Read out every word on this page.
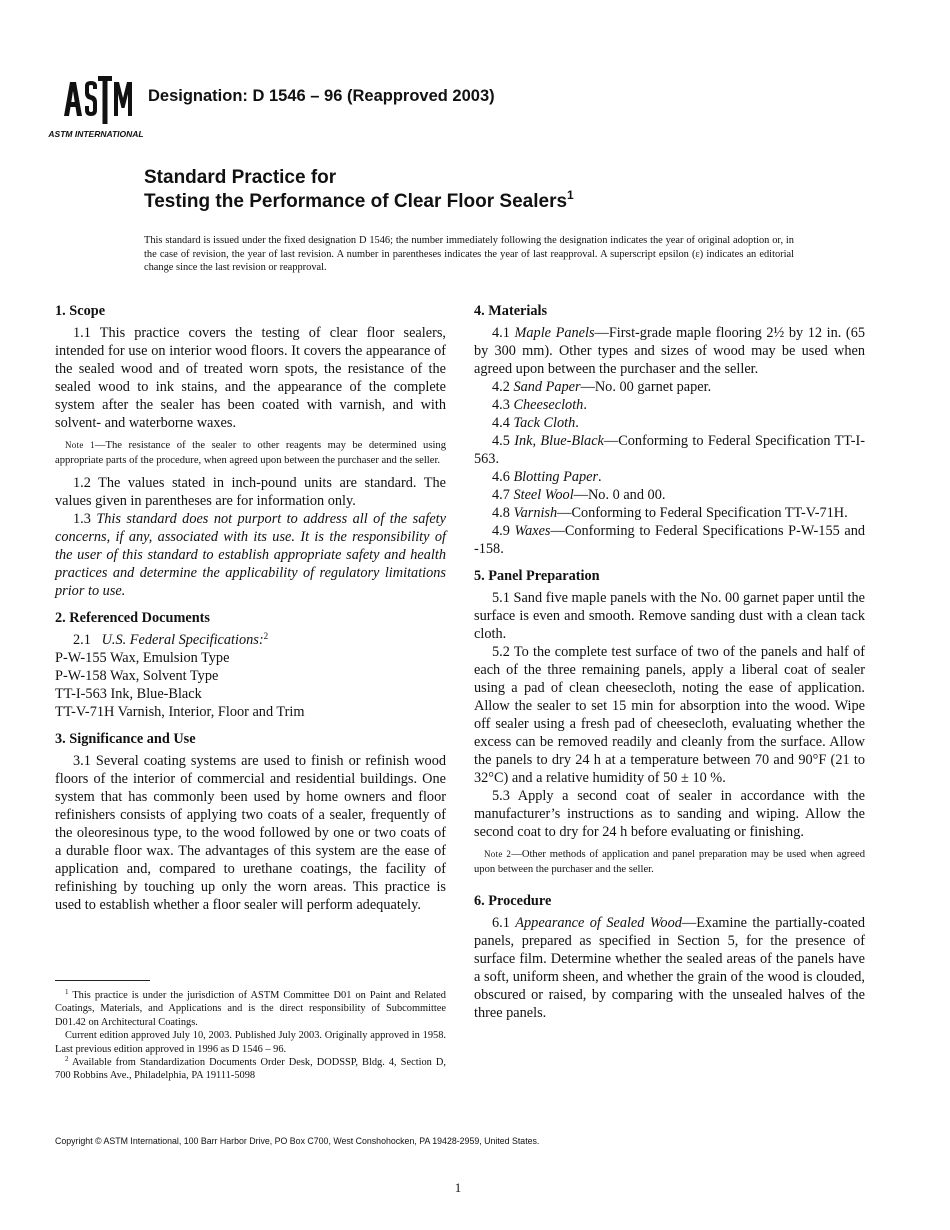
ASTM INTERNATIONAL
Designation: D 1546 – 96 (Reapproved 2003)
Standard Practice for
Testing the Performance of Clear Floor Sealers$^1$
This standard is issued under the fixed designation D 1546; the number immediately following the designation indicates the year of original adoption or, in the case of revision, the year of last revision. A number in parentheses indicates the year of last reapproval. A superscript epsilon (ε) indicates an editorial change since the last revision or reapproval.
1. Scope

1.1 This practice covers the testing of clear floor sealers, intended for use on interior wood floors. It covers the appearance of the sealed wood and of treated worn spots, the resistance of the sealed wood to ink stains, and the appearance of the complete system after the sealer has been coated with varnish, and with solvent- and waterborne waxes.

Note 1—The resistance of the sealer to other reagents may be determined using appropriate parts of the procedure, when agreed upon between the purchaser and the seller.

1.2 The values stated in inch-pound units are standard. The values given in parentheses are for information only.

1.3 This standard does not purport to address all of the safety concerns, if any, associated with its use. It is the responsibility of the user of this standard to establish appropriate safety and health practices and determine the applicability of regulatory limitations prior to use.

2. Referenced Documents

2.1 U.S. Federal Specifications:$^2$

P-W-155 Wax, Emulsion Type

P-W-158 Wax, Solvent Type

TT-I-563 Ink, Blue-Black

TT-V-71H Varnish, Interior, Floor and Trim

3. Significance and Use

3.1 Several coating systems are used to finish or refinish wood floors of the interior of commercial and residential buildings. One system that has commonly been used by home owners and floor refinishers consists of applying two coats of a sealer, frequently of the oleoresinous type, to the wood followed by one or two coats of a durable floor wax. The advantages of this system are the ease of application and, compared to urethane coatings, the facility of refinishing by touching up only the worn areas. This practice is used to establish whether a floor sealer will perform adequately.

4. Materials

4.1 Maple Panels—First-grade maple flooring 2½ by 12 in. (65 by 300 mm). Other types and sizes of wood may be used when agreed upon between the purchaser and the seller.

4.2 Sand Paper—No. 00 garnet paper.

4.3 Cheesecloth.

4.4 Tack Cloth.

4.5 Ink, Blue-Black—Conforming to Federal Specification TT-I-563.

4.6 Blotting Paper.

4.7 Steel Wool—No. 0 and 00.

4.8 Varnish—Conforming to Federal Specification TT-V-71H.

4.9 Waxes—Conforming to Federal Specifications P-W-155 and -158.

5. Panel Preparation

5.1 Sand five maple panels with the No. 00 garnet paper until the surface is even and smooth. Remove sanding dust with a clean tack cloth.

5.2 To the complete test surface of two of the panels and half of each of the three remaining panels, apply a liberal coat of sealer using a pad of clean cheesecloth, noting the ease of application. Allow the sealer to set 15 min for absorption into the wood. Wipe off sealer using a fresh pad of cheesecloth, evaluating whether the excess can be removed readily and cleanly from the surface. Allow the panels to dry 24 h at a temperature between 70 and 90°F (21 to 32°C) and a relative humidity of 50 ± 10 %.

5.3 Apply a second coat of sealer in accordance with the manufacturer’s instructions as to sanding and wiping. Allow the second coat to dry for 24 h before evaluating or finishing.

Note 2—Other methods of application and panel preparation may be used when agreed upon between the purchaser and the seller.

6. Procedure

6.1 Appearance of Sealed Wood—Examine the partially-coated panels, prepared as specified in Section 5, for the presence of surface film. Determine whether the sealed areas of the panels have a soft, uniform sheen, and whether the grain of the wood is clouded, obscured or raised, by comparing with the unsealed halves of the three panels.

$^1$ This practice is under the jurisdiction of ASTM Committee D01 on Paint and Related Coatings, Materials, and Applications and is the direct responsibility of Subcommittee D01.42 on Architectural Coatings.

Current edition approved July 10, 2003. Published July 2003. Originally approved in 1958. Last previous edition approved in 1996 as D 1546 – 96.

$^2$ Available from Standardization Documents Order Desk, DODSSP, Bldg. 4, Section D, 700 Robbins Ave., Philadelphia, PA 19111-5098

Copyright © ASTM International, 100 Barr Harbor Drive, PO Box C700, West Conshohocken, PA 19428-2959, United States.
1
